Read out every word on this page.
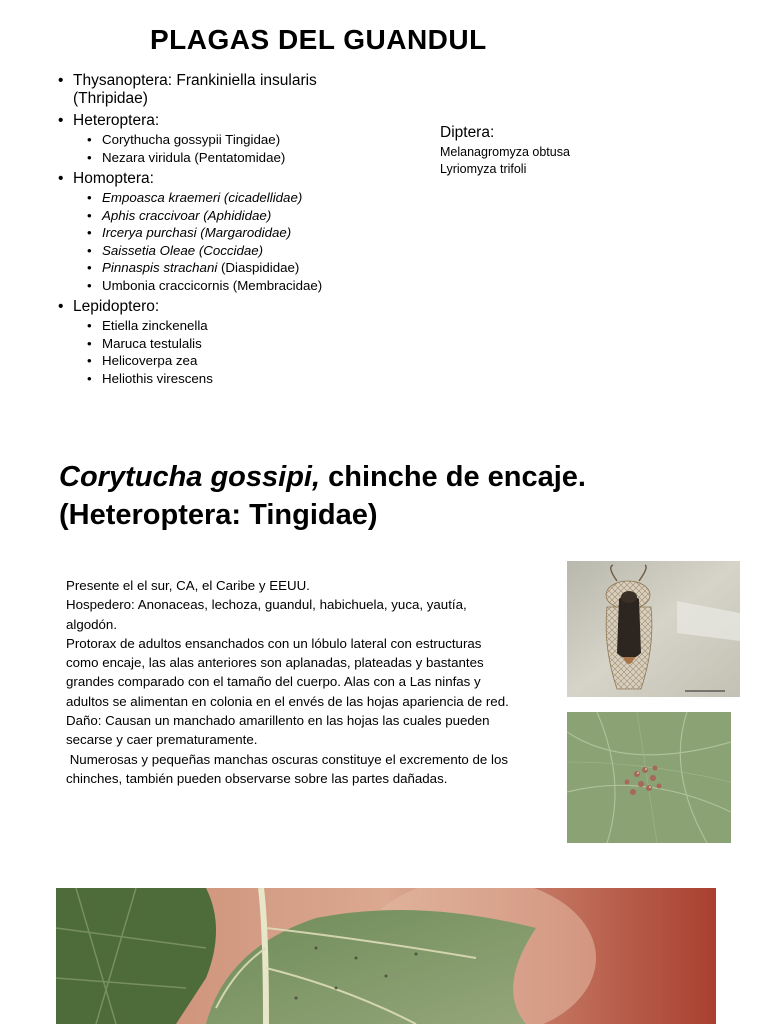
PLAGAS DEL GUANDUL
• Thysanoptera: Frankiniella insularis
(Thripidae)
• Heteroptera:
• Corythucha gossypii Tingidae)
• Nezara viridula (Pentatomidae)
• Homoptera:
• Empoasca kraemeri (cicadellidae)
• Aphis craccivoar (Aphididae)
• Ircerya purchasi (Margarodidae)
• Saissetia Oleae (Coccidae)
• Pinnaspis strachani (Diaspididae)
• Umbonia craccicornis (Membracidae)
• Lepidoptero:
• Etiella zinckenella
• Maruca testulalis
• Helicoverpa zea
• Heliothis virescens
Diptera:
Melanagromyza obtusa
Lyriomyza trifoli
Corytucha gossipi, chinche de encaje.
(Heteroptera: Tingidae)

Presente el el sur, CA, el Caribe y EEUU.

Hospedero: Anonaceas, lechoza, guandul, habichuela, yuca, yautía, algodón.

Protorax de adultos ensanchados con un lóbulo lateral con estructuras como encaje, las alas anteriores son aplanadas, plateadas y bastantes grandes comparado con el tamaño del cuerpo. Alas con a Las ninfas y adultos se alimentan en colonia en el envés de las hojas apariencia de red.

Daño: Causan un manchado amarillento en las hojas las cuales pueden secarse y caer prematuramente.

Numerosas y pequeñas manchas oscuras constituye el excremento de los chinches, también pueden observarse sobre las partes dañadas.
